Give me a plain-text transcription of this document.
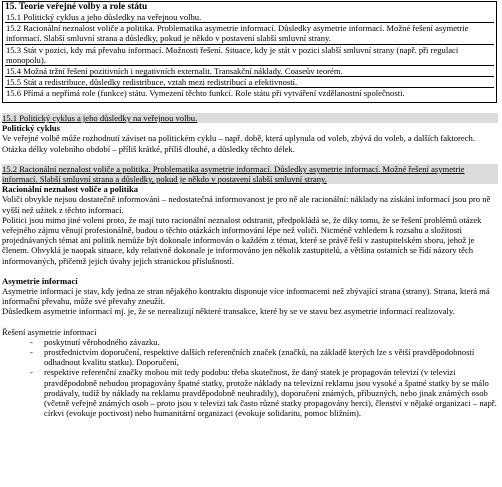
15. Teorie veřejné volby a role státu
15.1 Politický cyklus a jeho důsledky na veřejnou volbu.
15.2 Racionální neznalost voliče a politika. Problematika asymetrie informací. Důsledky asymetrie informací. Možné řešení asymetrie informací. Slabší smluvní strana a důsledky, pokud je někdo v postavení slabší smluvní strany.
15.3 Stát v pozici, kdy má převahu informací. Možnosti řešení. Situace, kdy je stát v pozici slabší smluvní strany (např. při regulaci monopolu).
15.4 Možná tržní řešení pozitivních i negativních externalit. Transakční náklady. Coaseův teorém.
15.5 Stát a redistribuce, důsledky redistribuce, vztah mezi redistribucí a efektivností.
15.6 Přímá a nepřímá role (funkce) státu. Vymezení těchto funkcí. Role státu při vytváření vzdělanostní společnosti.

15.1 Politický cyklus a jeho důsledky na veřejnou volbu.

Politický cyklus

Ve veřejné volbě může rozhodnutí záviset na politickém cyklu – např. době, která uplynula od voleb, zbývá do voleb, a dalších faktorech.

Otázka délky volebního období – příliš krátké, příliš dlouhé, a důsledky těchto délek.

15.2 Racionální neznalost voliče a politika. Problematika asymetrie informací. Důsledky asymetrie informací. Možné řešení asymetrie informací. Slabší smluvní strana a důsledky, pokud je někdo v postavení slabší smluvní strany.

Racionální neznalost voliče a politika

Voliči obvykle nejsou dostatečně informováni – nedostatečná informovanost je pro ně ale racionální: náklady na získání informací jsou pro ně vyšší než užitek z těchto informací.

Politici jsou mimo jiné voleni proto, že mají tuto racionální neznalost odstranit, předpokládá se, že díky tomu, že se řešení problémů otázek veřejného zájmu věnují profesionálně, budou o těchto otázkách informování lépe než voliči. Nicméně vzhledem k rozsahu a složitosti projednávaných témat ani politik nemůže být dokonale informován o každém z témat, které se právě řeší v zastupitelském sboru, jehož je členem. Obvyklá je naopak situace, kdy relativně dokonale je informováno jen několik zastupitelů, a většina ostatních se řídí názory těch informovaných, přičemž jejich úvahy jejich stranickou příslušností.

Asymetrie informací

Asymetrie informací je stav, kdy jedna ze stran nějakého kontraktu disponuje více informacemi než zbývající strana (strany). Strana, která má informační převahu, může své převahy zneužít.

Důsledkem asymetrie informací mj. je, že se nerealizují některé transakce, které by se ve stavu bez asymetrie informací realizovaly.

Řešení asymetrie informací

- poskytnutí věrohodného závazku.
- prostřednictvím doporučení, respektive dalších referenčních značek (značků, na základě kterých lze s větší pravděpodobností odhadnout kvalitu statku). Doporučení,
- respektive referenční značky mohou mít tedy podobu: třeba skutečnost, že daný statek je propagován televizí (v televizi pravděpodobně nebudou propagovány špatné statky, protože náklady na televizní reklamu jsou vysoké a špatné statky by se málo prodávaly, tudíž by náklady na reklamu pravděpodobně neuhradily), doporučení známých, příbuzných, nebo jinak známých osob (včetně veřejně známých osob – proto jsou v televizi tak často různé statky propagovány herci), členství v nějaké organizaci – např. církvi (evokuje poctivost) nebo humanitární organizaci (evokuje solidaritu, pomoc bližním).
